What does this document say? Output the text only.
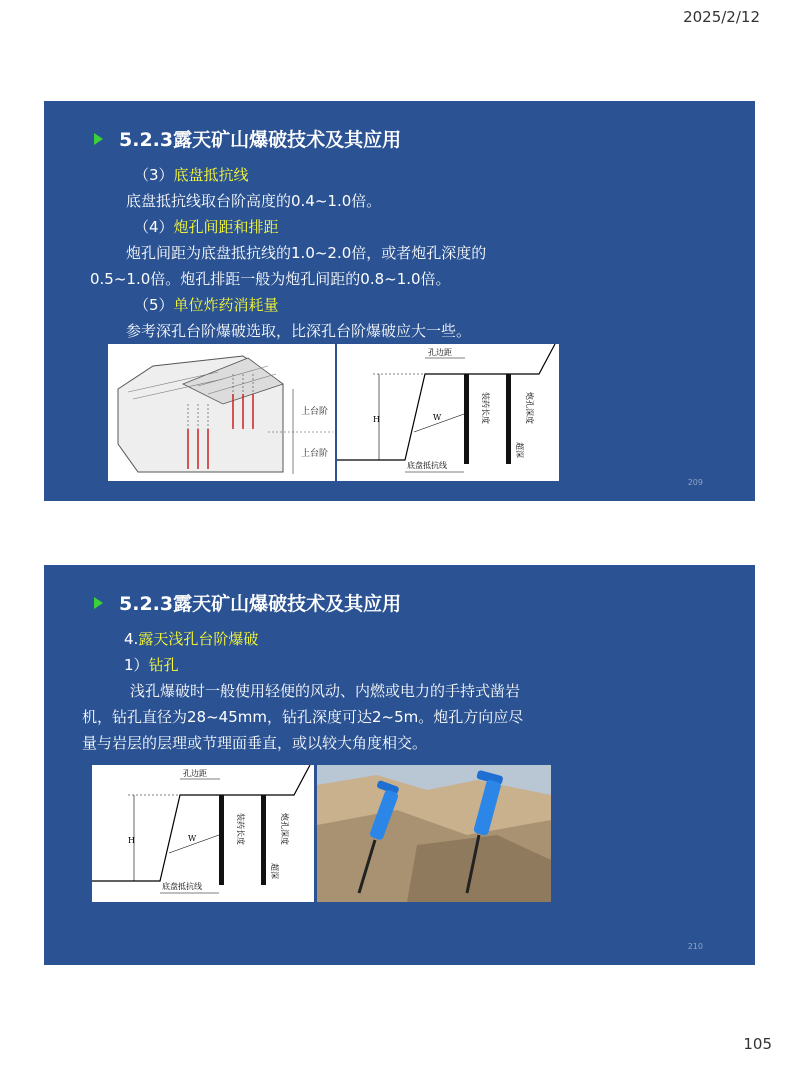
2025/2/12
5.2.3露天矿山爆破技术及其应用
（3）底盘抵抗线
底盘抵抗线取台阶高度的0.4~1.0倍。
（4）炮孔间距和排距
炮孔间距为底盘抵抗线的1.0~2.0倍，或者炮孔深度的
0.5~1.0倍。炮孔排距一般为炮孔间距的0.8~1.0倍。
（5）单位炸药消耗量
参考深孔台阶爆破选取，比深孔台阶爆破应大一些。
上台阶
上台阶
H
孔边距
W	装药长度	炮孔深度
超深
底盘抵抗线
209
5.2.3露天矿山爆破技术及其应用
4.露天浅孔台阶爆破
1）钻孔
浅孔爆破时一般使用轻便的风动、内燃或电力的手持式凿岩
机，钻孔直径为28~45mm，钻孔深度可达2~5m。炮孔方向应尽
量与岩层的层理或节理面垂直，或以较大角度相交。
H
孔边距
W	装药长度	炮孔深度
超深
底盘抵抗线
210
105
